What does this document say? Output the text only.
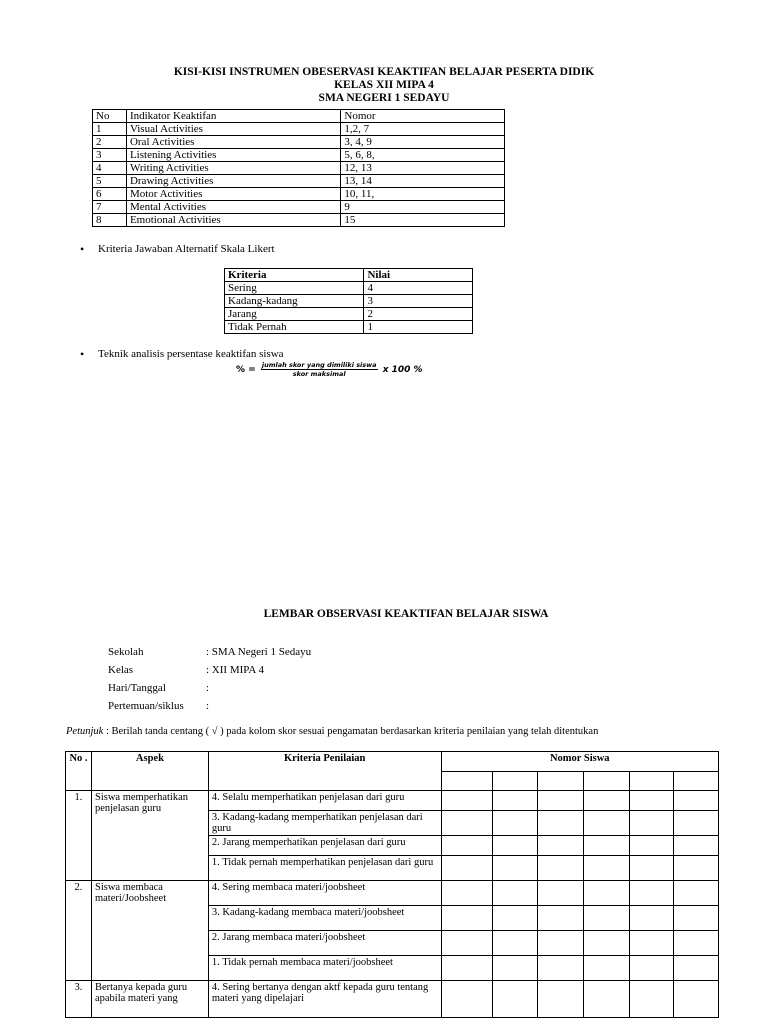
KISI-KISI INSTRUMEN OBESERVASI KEAKTIFAN BELAJAR PESERTA DIDIK
KELAS XII MIPA 4
SMA NEGERI 1 SEDAYU
No	Indikator Keaktifan	Nomor
1	Visual Activities	1,2, 7
2	Oral Activities	3, 4, 9
3	Listening Activities	5, 6, 8,
4	Writing Activities	12, 13
5	Drawing Activities	13, 14
6	Motor Activities	10, 11,
7	Mental Activities	9
8	Emotional Activities	15
• Kriteria Jawaban Alternatif Skala Likert
Kriteria	Nilai
Sering	4
Kadang-kadang	3
Jarang	2
Tidak Pernah	1
• Teknik analisis persentase keaktifan siswa
% = $\frac{\text{jumlah skor yang dimiliki siswa}}{\text{skor maksimal}}$ x 100 %
LEMBAR OBSERVASI KEAKTIFAN BELAJAR SISWA
Sekolah	: SMA Negeri 1 Sedayu
Kelas	: XII MIPA 4
Hari/Tanggal	:
Pertemuan/siklus :
Petunjuk : Berilah tanda centang ( √ ) pada kolom skor sesuai pengamatan berdasarkan kriteria penilaian yang telah ditentukan
No .	Aspek	Kriteria Penilaian	Nomor Siswa					

1.	Siswa memperhatikan penjelasan guru	4. Selalu memperhatikan penjelasan dari guru						
		3. Kadang-kadang memperhatikan penjelasan dari guru						
		2. Jarang memperhatikan penjelasan dari guru						
		1. Tidak pernah memperhatikan penjelasan dari guru						
2.	Siswa membaca materi/Joobsheet	4. Sering membaca materi/joobsheet						
		3. Kadang-kadang membaca materi/joobsheet						
		2. Jarang membaca materi/joobsheet						
		1. Tidak pernah membaca materi/joobsheet						
3.	Bertanya kepada guru apabila materi yang	4. Sering bertanya dengan aktf kepada guru tentang materi yang dipelajari						
